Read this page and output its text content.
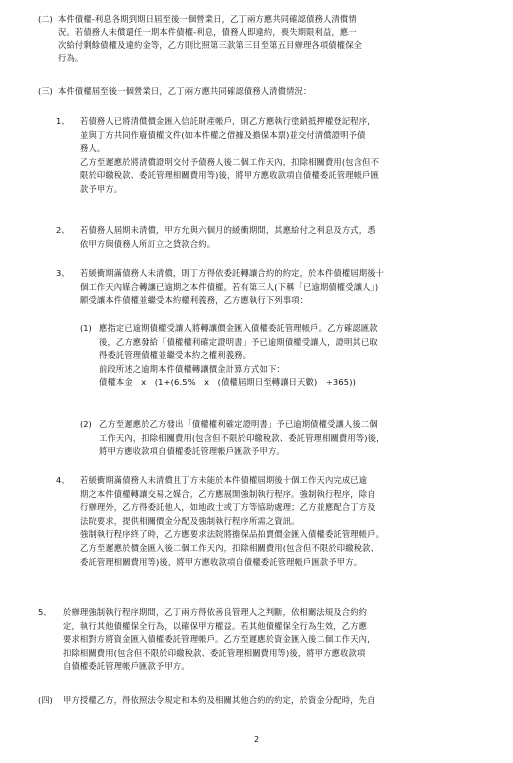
(二) 本件債權-利息各期到期日屆至後一個營業日，乙丁兩方應共同確認債務人清償情
況。若債務人未償還任一期本件債權-利息，債務人即違約，喪失期限利益，應一
次給付剩餘債權及違約金等，乙方則比照第三款第三目至第五目辦理各項債權保全
行為。
(三) 本件債權屆至後一個營業日，乙丁兩方應共同確認債務人清償情況：
1、 若債務人已將清償價金匯入信託財產帳戶，則乙方應執行塗銷抵押權登記程序，
並與丁方共同作廢債權文件(如本件權之借據及擔保本票)並交付清償證明予債
務人。
乙方至遲應於將清償證明交付予債務人後二個工作天內，扣除相關費用(包含但不
限於印繳稅款、委託管理相關費用等)後，將甲方應收款項自債權委託管理帳戶匯
款予甲方。
2、 若債務人屆期未清償，甲方允與六個月的緩衝期間，其應給付之利息及方式，悉
依甲方與債務人所訂立之貸款合約。
3、 若緩衝期滿債務人未清償，則丁方得依委託轉讓合約的約定，於本件債權屆期後十
個工作天內媒合轉讓已逾期之本件債權。若有第三人(下稱「已逾期債權受讓人」)
願受讓本件債權並繼受本約權利義務，乙方應執行下列事項：
(1) 應指定已逾期債權受讓人將轉讓價金匯入債權委託管理帳戶。乙方確認匯款
後，乙方應發給「債權權利確定證明書」予已逾期債權受讓人，證明其已取
得委託管理債權並繼受本約之權利義務。
前段所述之逾期本件債權轉讓價金計算方式如下：
債權本金　x　(1+(6.5%　x　(債權屆期日至轉讓日天數)　÷365))
(2) 乙方至遲應於乙方發出「債權權利確定證明書」予已逾期債權受讓人後二個
工作天內，扣除相關費用(包含但不限於印繳稅款、委託管理相關費用等)後，
將甲方應收款項自債權委託管理帳戶匯款予甲方。
4、 若緩衝期滿債務人未清償且丁方未能於本件債權屆期後十個工作天內完成已逾
期之本件債權轉讓交易之媒合，乙方應展開強制執行程序。強制執行程序，除自
行辦理外，乙方得委託他人，如地政士或丁方等協助處理；乙方並應配合丁方及
法院要求，提供相關價金分配及強制執行程序所需之資訊。
強制執行程序終了時，乙方應要求法院將擔保品拍賣價金匯入債權委託管理帳戶。
乙方至遲應於價金匯入後二個工作天內，扣除相關費用(包含但不限於印繳稅款、
委託管理相關費用等)後，將甲方應收款項自債權委託管理帳戶匯款予甲方。
5、 於辦理強制執行程序期間，乙丁兩方得依善良管理人之判斷，依相關法規及合約約
定，執行其他債權保全行為，以確保甲方權益。若其他債權保全行為生效，乙方應
要求相對方將資金匯入債權委託管理帳戶。乙方至遲應於資金匯入後二個工作天內，
扣除相關費用(包含但不限於印繳稅款、委託管理相關費用等)後，將甲方應收款項
自債權委託管理帳戶匯款予甲方。
(四) 甲方授權乙方，得依照法令規定和本約及相關其他合約的約定，於資金分配時，先自
2
